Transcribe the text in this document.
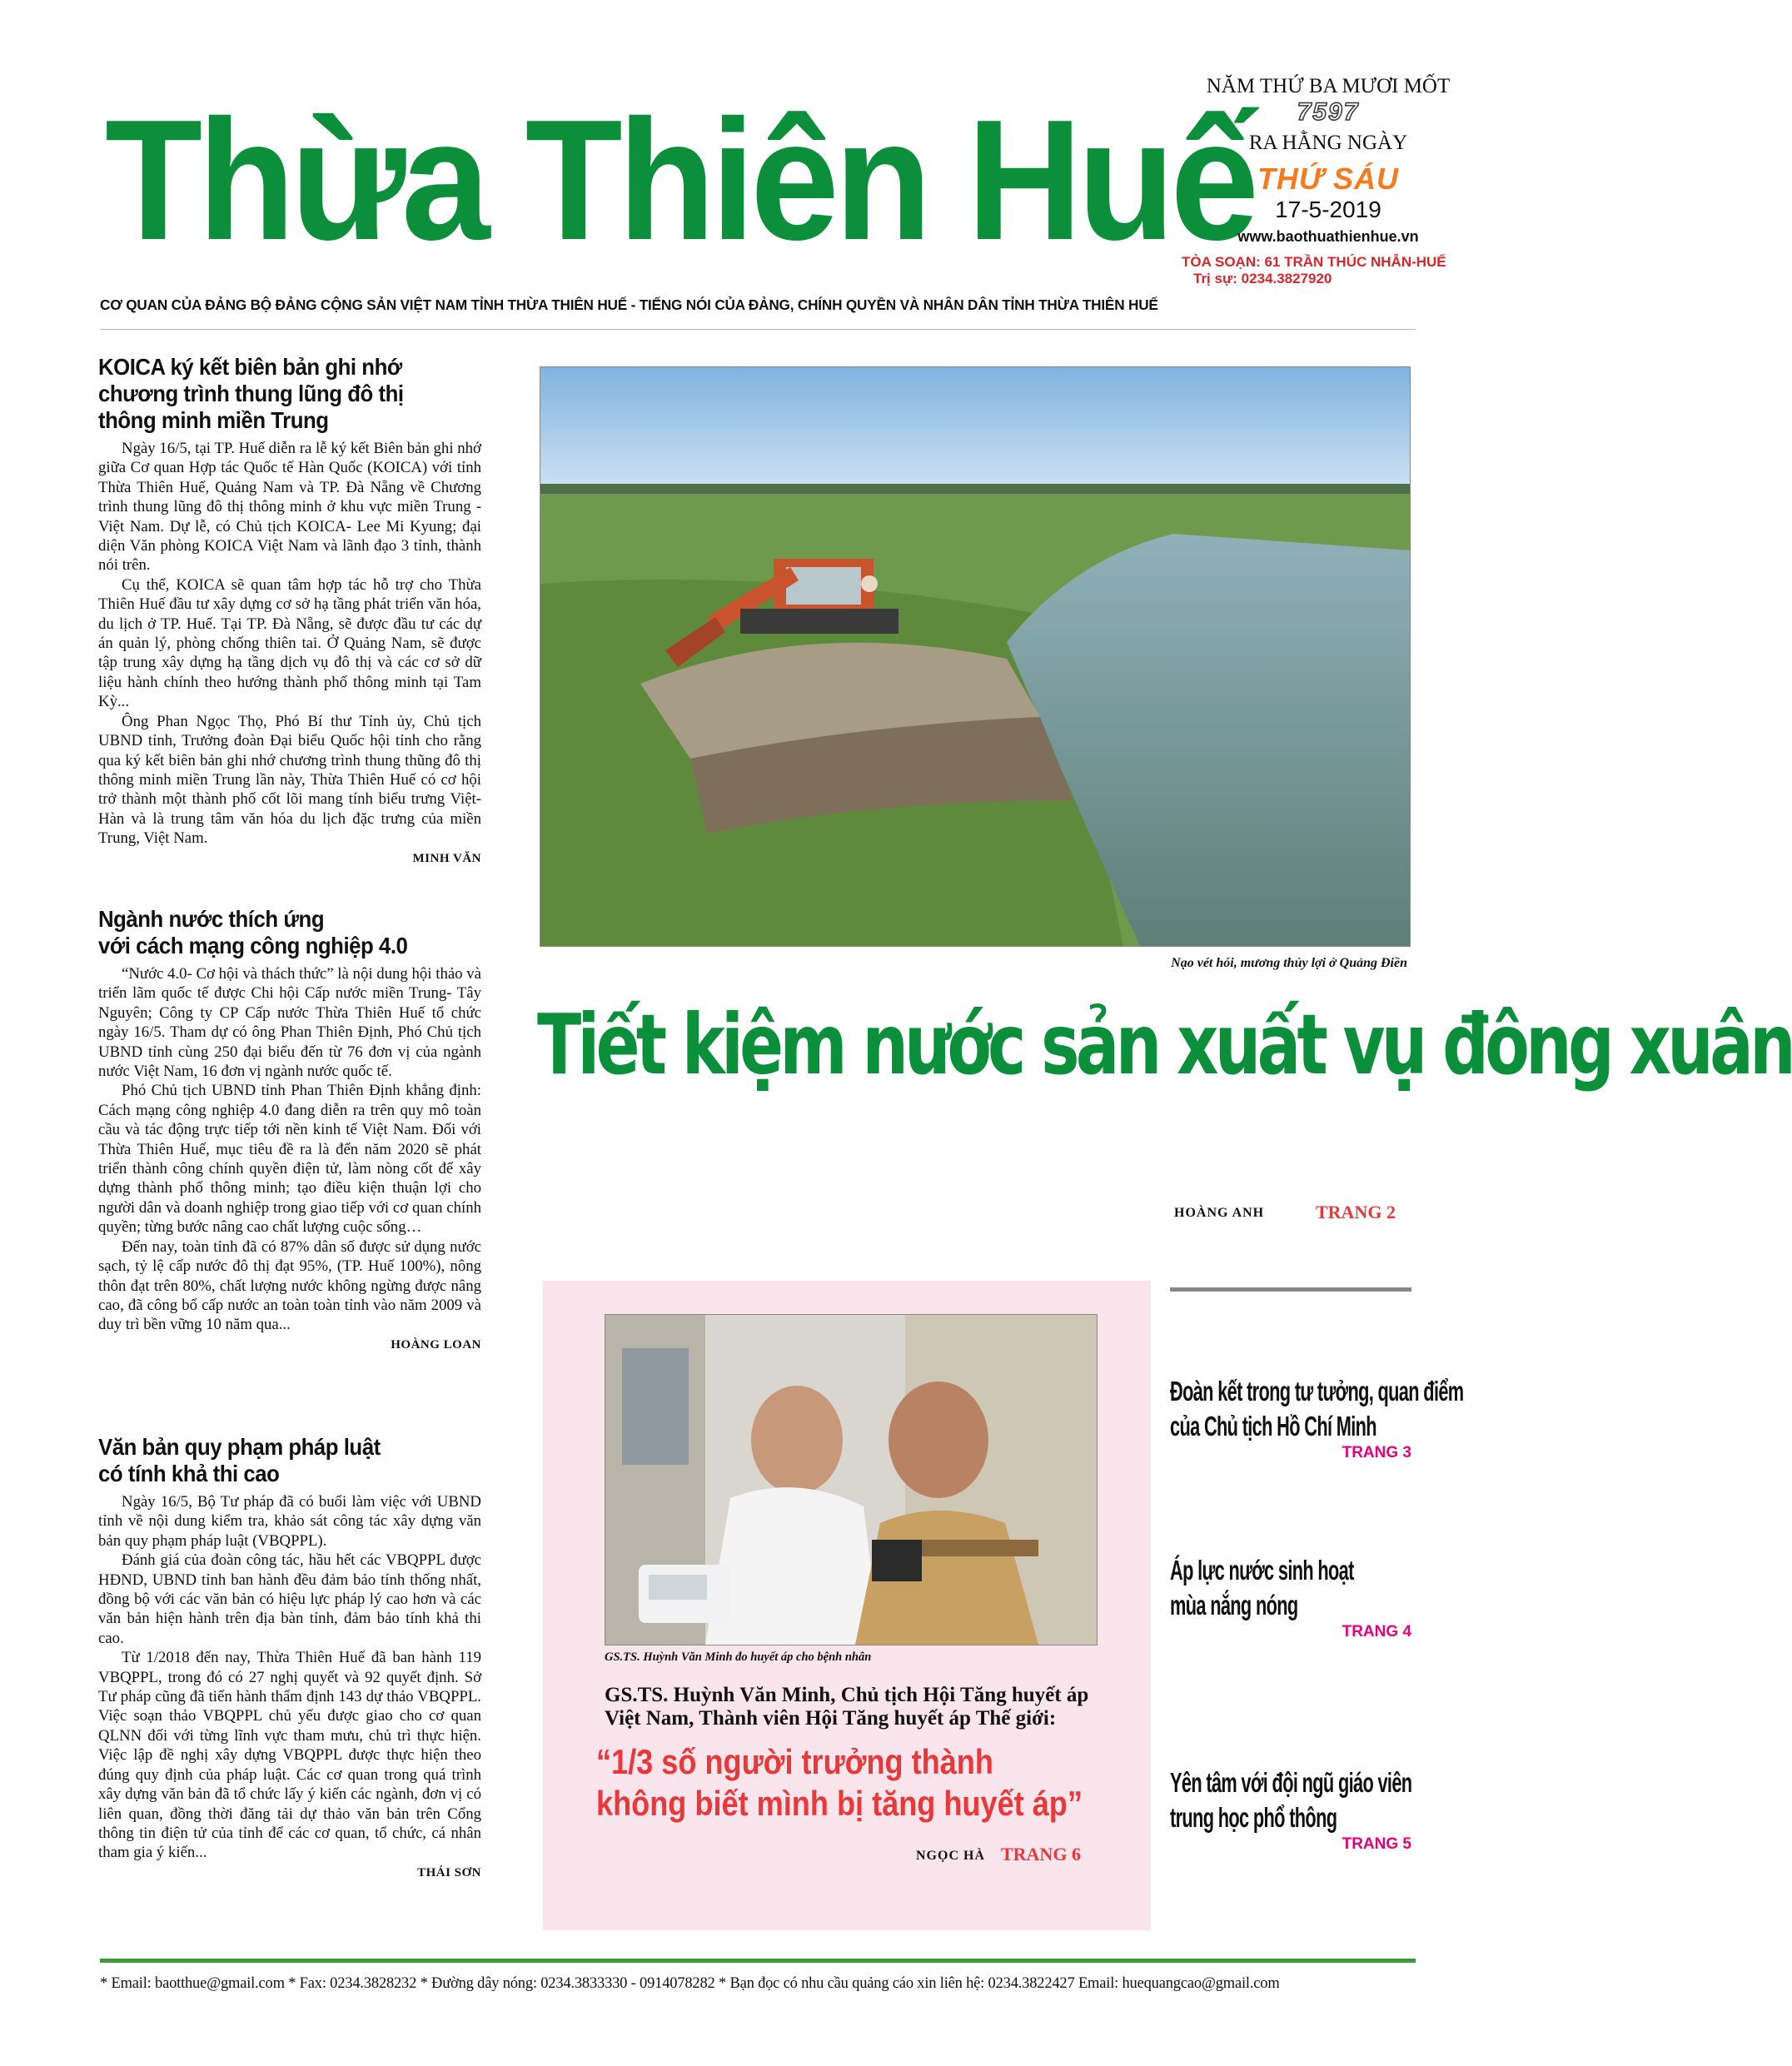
Thừa Thiên Huế
CƠ QUAN CỦA ĐẢNG BỘ ĐẢNG CỘNG SẢN VIỆT NAM TỈNH THỪA THIÊN HUẾ - TIẾNG NÓI CỦA ĐẢNG, CHÍNH QUYỀN VÀ NHÂN DÂN TỈNH THỪA THIÊN HUẾ
NĂM THỨ BA MƯƠI MỐT
7597
RA HẰNG NGÀY
THỨ SÁU
17-5-2019
www.baothuathienhue.vn
TÒA SOẠN: 61 TRẦN THÚC NHẪN-HUẾ
Trị sự: 0234.3827920
KOICA ký kết biên bản ghi nhớ
chương trình thung lũng đô thị
thông minh miền Trung

Ngày 16/5, tại TP. Huế diễn ra lễ ký kết Biên bản ghi nhớ giữa Cơ quan Hợp tác Quốc tế Hàn Quốc (KOICA) với tỉnh Thừa Thiên Huế, Quảng Nam và TP. Đà Nẵng về Chương trình thung lũng đô thị thông minh ở khu vực miền Trung - Việt Nam. Dự lễ, có Chủ tịch KOICA- Lee Mi Kyung; đại diện Văn phòng KOICA Việt Nam và lãnh đạo 3 tỉnh, thành nói trên.

Cụ thể, KOICA sẽ quan tâm hợp tác hỗ trợ cho Thừa Thiên Huế đầu tư xây dựng cơ sở hạ tầng phát triển văn hóa, du lịch ở TP. Huế. Tại TP. Đà Nẵng, sẽ được đầu tư các dự án quản lý, phòng chống thiên tai. Ở Quảng Nam, sẽ được tập trung xây dựng hạ tầng dịch vụ đô thị và các cơ sở dữ liệu hành chính theo hướng thành phố thông minh tại Tam Kỳ...

Ông Phan Ngọc Thọ, Phó Bí thư Tỉnh ủy, Chủ tịch UBND tỉnh, Trưởng đoàn Đại biểu Quốc hội tỉnh cho rằng qua ký kết biên bản ghi nhớ chương trình thung thũng đô thị thông minh miền Trung lần này, Thừa Thiên Huế có cơ hội trở thành một thành phố cốt lõi mang tính biểu trưng Việt-Hàn và là trung tâm văn hóa du lịch đặc trưng của miền Trung, Việt Nam.

MINH VĂN
Ngành nước thích ứng
với cách mạng công nghiệp 4.0

“Nước 4.0- Cơ hội và thách thức” là nội dung hội thảo và triển lãm quốc tế được Chi hội Cấp nước miền Trung- Tây Nguyên; Công ty CP Cấp nước Thừa Thiên Huế tổ chức ngày 16/5. Tham dự có ông Phan Thiên Định, Phó Chủ tịch UBND tỉnh cùng 250 đại biểu đến từ 76 đơn vị của ngành nước Việt Nam, 16 đơn vị ngành nước quốc tế.

Phó Chủ tịch UBND tỉnh Phan Thiên Định khẳng định: Cách mạng công nghiệp 4.0 đang diễn ra trên quy mô toàn cầu và tác động trực tiếp tới nền kinh tế Việt Nam. Đối với Thừa Thiên Huế, mục tiêu đề ra là đến năm 2020 sẽ phát triển thành công chính quyền điện tử, làm nòng cốt để xây dựng thành phố thông minh; tạo điều kiện thuận lợi cho người dân và doanh nghiệp trong giao tiếp với cơ quan chính quyền; từng bước nâng cao chất lượng cuộc sống…

Đến nay, toàn tỉnh đã có 87% dân số được sử dụng nước sạch, tỷ lệ cấp nước đô thị đạt 95%, (TP. Huế 100%), nông thôn đạt trên 80%, chất lượng nước không ngừng được nâng cao, đã công bố cấp nước an toàn toàn tỉnh vào năm 2009 và duy trì bền vững 10 năm qua...

HOÀNG LOAN
Văn bản quy phạm pháp luật
có tính khả thi cao

Ngày 16/5, Bộ Tư pháp đã có buổi làm việc với UBND tỉnh về nội dung kiểm tra, khảo sát công tác xây dựng văn bản quy phạm pháp luật (VBQPPL).

Đánh giá của đoàn công tác, hầu hết các VBQPPL được HĐND, UBND tỉnh ban hành đều đảm bảo tính thống nhất, đồng bộ với các văn bản có hiệu lực pháp lý cao hơn và các văn bản hiện hành trên địa bàn tỉnh, đảm bảo tính khả thi cao.

Từ 1/2018 đến nay, Thừa Thiên Huế đã ban hành 119 VBQPPL, trong đó có 27 nghị quyết và 92 quyết định. Sở Tư pháp cũng đã tiến hành thẩm định 143 dự thảo VBQPPL. Việc soạn thảo VBQPPL chủ yếu được giao cho cơ quan QLNN đối với từng lĩnh vực tham mưu, chủ trì thực hiện. Việc lập đề nghị xây dựng VBQPPL được thực hiện theo đúng quy định của pháp luật. Các cơ quan trong quá trình xây dựng văn bản đã tổ chức lấy ý kiến các ngành, đơn vị có liên quan, đồng thời đăng tải dự thảo văn bản trên Cổng thông tin điện tử của tỉnh để các cơ quan, tổ chức, cá nhân tham gia ý kiến...

THÁI SƠN
Nạo vét hói, mương thủy lợi ở Quảng Điền
Tiết kiệm nước sản xuất vụ đông xuân
HOÀNG ANH	TRANG 2
GS.TS. Huỳnh Văn Minh đo huyết áp cho bệnh nhân
GS.TS. Huỳnh Văn Minh, Chủ tịch Hội Tăng huyết áp
Việt Nam, Thành viên Hội Tăng huyết áp Thế giới:
“1/3 số người trưởng thành
không biết mình bị tăng huyết áp”
NGỌC HÀ TRANG 6
Đoàn kết trong tư tưởng, quan điểm
của Chủ tịch Hồ Chí Minh
TRANG 3
Áp lực nước sinh hoạt
mùa nắng nóng
TRANG 4
Yên tâm với đội ngũ giáo viên
trung học phổ thông
TRANG 5
* Email: baotthue@gmail.com * Fax: 0234.3828232 * Đường dây nóng: 0234.3833330 - 0914078282 * Bạn đọc có nhu cầu quảng cáo xin liên hệ: 0234.3822427 Email: huequangcao@gmail.com
